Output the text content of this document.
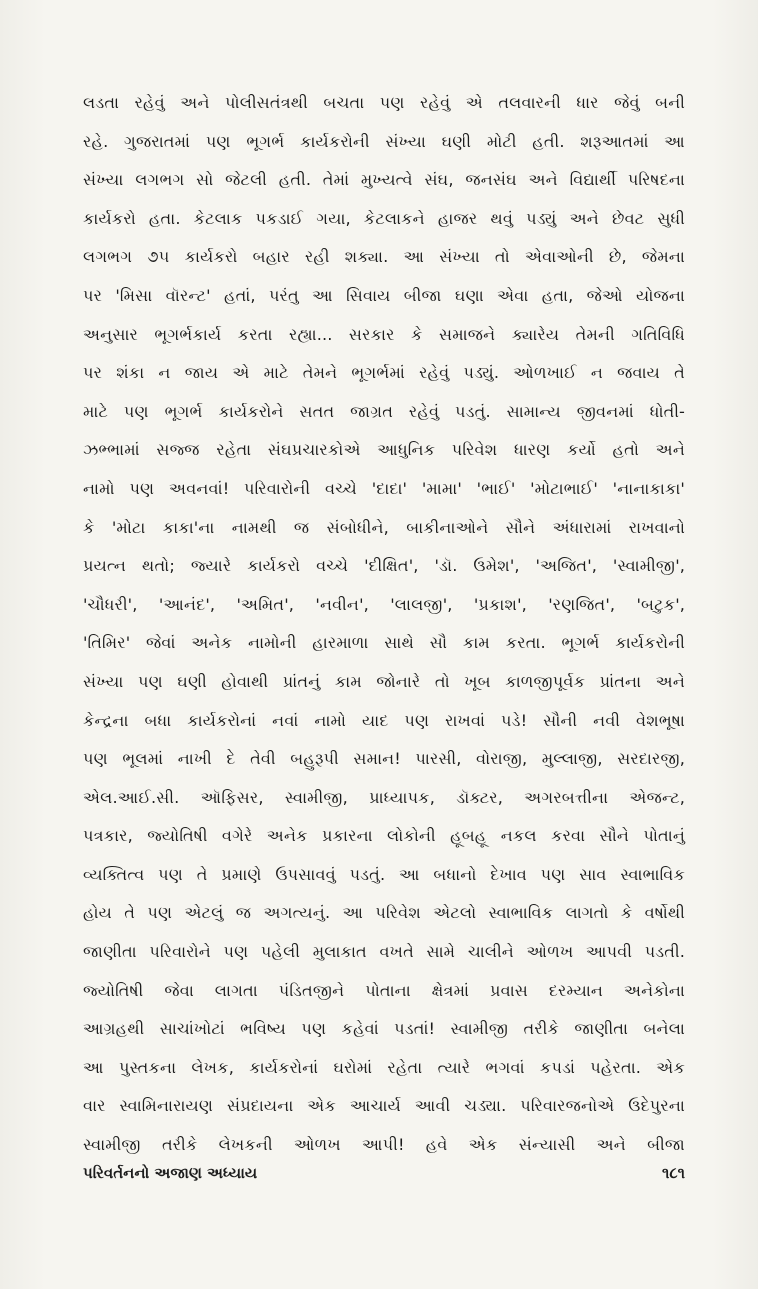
લડતા રહેવું અને પોલીસતંત્રથી બચતા પણ રહેવું એ તલવારની ધાર જેવું બની
રહે. ગુજરાતમાં પણ ભૂગર્ભ કાર્યકરોની સંખ્યા ઘણી મોટી હતી. શરૂઆતમાં આ
સંખ્યા લગભગ સો જેટલી હતી. તેમાં મુખ્યત્વે સંઘ, જનસંઘ અને વિદ્યાર્થી પરિષદના
કાર્યકરો હતા. કેટલાક પકડાઈ ગયા, કેટલાકને હાજર થવું પડ્યું અને છેવટ સુધી
લગભગ ૭૫ કાર્યકરો બહાર રહી શક્યા. આ સંખ્યા તો એવાઓની છે, જેમના
પર 'મિસા વૉરન્ટ' હતાં, પરંતુ આ સિવાય બીજા ઘણા એવા હતા, જેઓ યોજના
અનુસાર ભૂગર્ભકાર્ય કરતા રહ્યા... સરકાર કે સમાજને ક્યારેય તેમની ગતિવિધિ
પર શંકા ન જાય એ માટે તેમને ભૂગર્ભમાં રહેવું પડ્યું. ઓળખાઈ ન જવાય તે
માટે પણ ભૂગર્ભ કાર્યકરોને સતત જાગ્રત રહેવું પડતું. સામાન્ય જીવનમાં ધોતી-
ઝભ્ભામાં સજ્જ રહેતા સંઘપ્રચારકોએ આધુનિક પરિવેશ ધારણ કર્યો હતો અને
નામો પણ અવનવાં! પરિવારોની વચ્ચે 'દાદા' 'મામા' 'ભાઈ' 'મોટાભાઈ' 'નાનાકાકા'
કે 'મોટા કાકા'ના નામથી જ સંબોધીને, બાકીનાઓને સૌને અંધારામાં રાખવાનો
પ્રયત્ન થતો; જ્યારે કાર્યકરો વચ્ચે 'દીક્ષિત', 'ડૉ. ઉમેશ', 'અજિત', 'સ્વામીજી',
'ચૌધરી', 'આનંદ', 'અમિત', 'નવીન', 'લાલજી', 'પ્રકાશ', 'રણજિત', 'બટુક',
'તિમિર' જેવાં અનેક નામોની હારમાળા સાથે સૌ કામ કરતા. ભૂગર્ભ કાર્યકરોની
સંખ્યા પણ ઘણી હોવાથી પ્રાંતનું કામ જોનારે તો ખૂબ કાળજીપૂર્વક પ્રાંતના અને
કેન્દ્રના બધા કાર્યકરોનાં નવાં નામો યાદ પણ રાખવાં પડે! સૌની નવી વેશભૂષા
પણ ભૂલમાં નાખી દે તેવી બહુરૂપી સમાન! પારસી, વોરાજી, મુલ્લાજી, સરદારજી,
એલ.આઈ.સી. ઑફિસર, સ્વામીજી, પ્રાધ્યાપક, ડૉક્ટર, અગરબત્તીના એજન્ટ,
પત્રકાર, જ્યોતિષી વગેરે અનેક પ્રકારના લોકોની હૂબહૂ નકલ કરવા સૌને પોતાનું
વ્યક્તિત્વ પણ તે પ્રમાણે ઉપસાવવું પડતું. આ બધાનો દેખાવ પણ સાવ સ્વાભાવિક
હોય તે પણ એટલું જ અગત્યનું. આ પરિવેશ એટલો સ્વાભાવિક લાગતો કે વર્ષોથી
જાણીતા પરિવારોને પણ પહેલી મુલાકાત વખતે સામે ચાલીને ઓળખ આપવી પડતી.
જ્યોતિષી જેવા લાગતા પંડિતજીને પોતાના ક્ષેત્રમાં પ્રવાસ દરમ્યાન અનેકોના
આગ્રહથી સાચાંખોટાં ભવિષ્ય પણ કહેવાં પડતાં! સ્વામીજી તરીકે જાણીતા બનેલા
આ પુસ્તકના લેખક, કાર્યકરોનાં ઘરોમાં રહેતા ત્યારે ભગવાં કપડાં પહેરતા. એક
વાર સ્વામિનારાયણ સંપ્રદાયના એક આચાર્ય આવી ચડ્યા. પરિવારજનોએ ઉદેપુરના
સ્વામીજી તરીકે લેખકની ઓળખ આપી! હવે એક સંન્યાસી અને બીજા
પરિવર્તનનો અજાણ અધ્યાય	૧૮૧
